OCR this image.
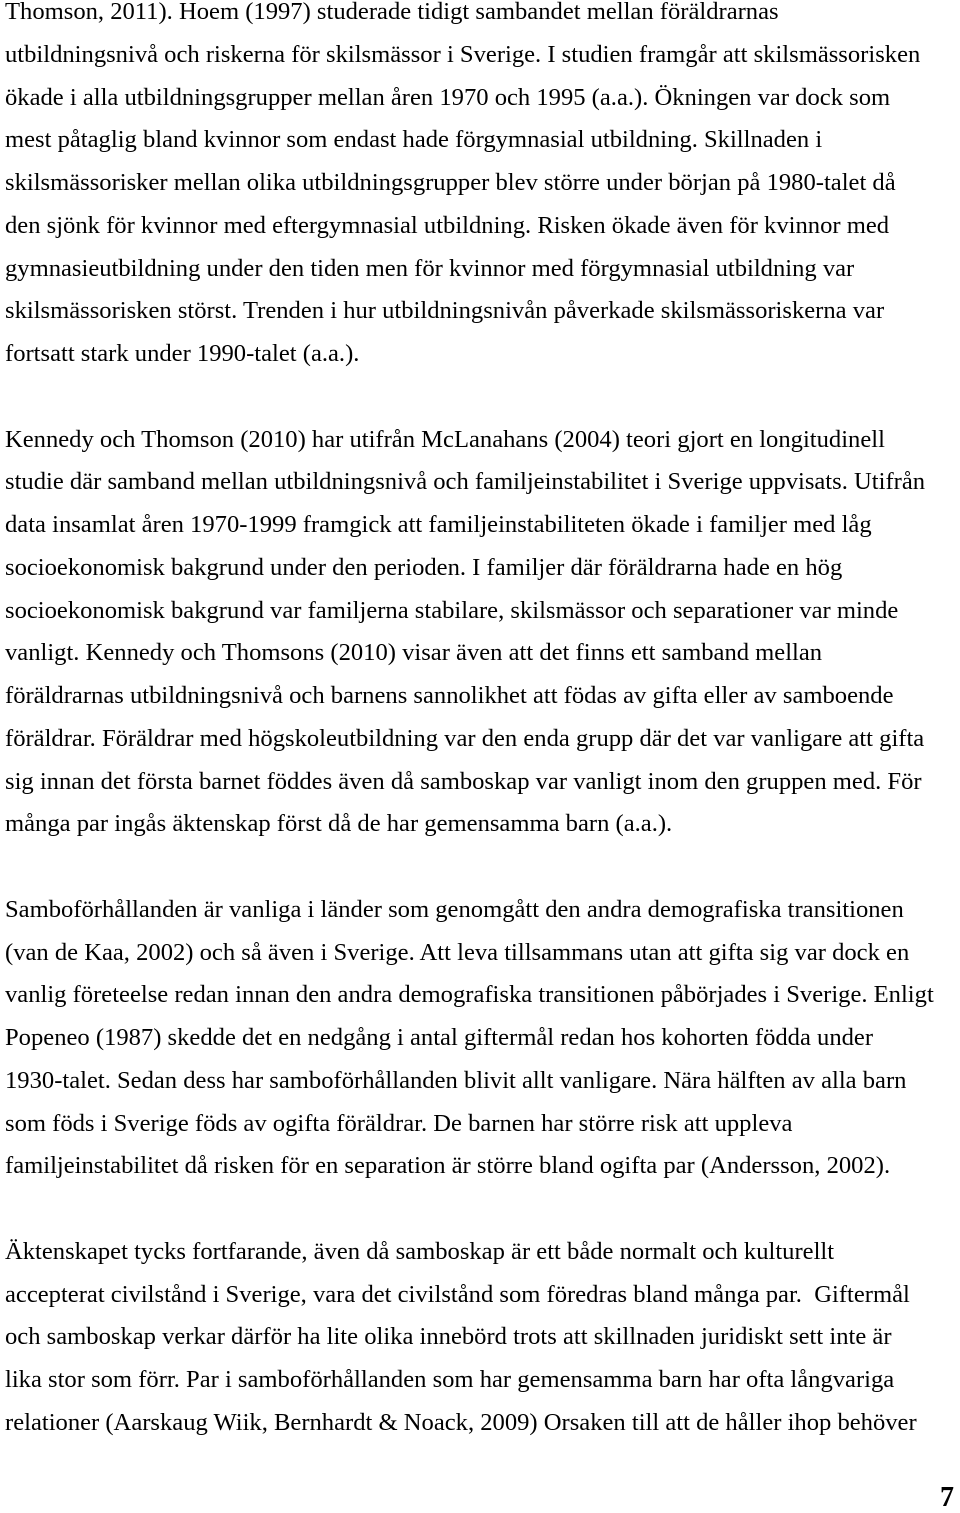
Thomson, 2011). Hoem (1997) studerade tidigt sambandet mellan föräldrarnas
utbildningsnivå och riskerna för skilsmässor i Sverige. I studien framgår att skilsmässorisken
ökade i alla utbildningsgrupper mellan åren 1970 och 1995 (a.a.). Ökningen var dock som
mest påtaglig bland kvinnor som endast hade förgymnasial utbildning. Skillnaden i
skilsmässorisker mellan olika utbildningsgrupper blev större under början på 1980-talet då
den sjönk för kvinnor med eftergymnasial utbildning. Risken ökade även för kvinnor med
gymnasieutbildning under den tiden men för kvinnor med förgymnasial utbildning var
skilsmässorisken störst. Trenden i hur utbildningsnivån påverkade skilsmässoriskerna var
fortsatt stark under 1990-talet (a.a.).
Kennedy och Thomson (2010) har utifrån McLanahans (2004) teori gjort en longitudinell
studie där samband mellan utbildningsnivå och familjeinstabilitet i Sverige uppvisats. Utifrån
data insamlat åren 1970-1999 framgick att familjeinstabiliteten ökade i familjer med låg
socioekonomisk bakgrund under den perioden. I familjer där föräldrarna hade en hög
socioekonomisk bakgrund var familjerna stabilare, skilsmässor och separationer var minde
vanligt. Kennedy och Thomsons (2010) visar även att det finns ett samband mellan
föräldrarnas utbildningsnivå och barnens sannolikhet att födas av gifta eller av samboende
föräldrar. Föräldrar med högskoleutbildning var den enda grupp där det var vanligare att gifta
sig innan det första barnet föddes även då samboskap var vanligt inom den gruppen med. För
många par ingås äktenskap först då de har gemensamma barn (a.a.).
Samboförhållanden är vanliga i länder som genomgått den andra demografiska transitionen
(van de Kaa, 2002) och så även i Sverige. Att leva tillsammans utan att gifta sig var dock en
vanlig företeelse redan innan den andra demografiska transitionen påbörjades i Sverige. Enligt
Popeneo (1987) skedde det en nedgång i antal giftermål redan hos kohorten födda under
1930-talet. Sedan dess har samboförhållanden blivit allt vanligare. Nära hälften av alla barn
som föds i Sverige föds av ogifta föräldrar. De barnen har större risk att uppleva
familjeinstabilitet då risken för en separation är större bland ogifta par (Andersson, 2002).
Äktenskapet tycks fortfarande, även då samboskap är ett både normalt och kulturellt
accepterat civilstånd i Sverige, vara det civilstånd som föredras bland många par.  Giftermål
och samboskap verkar därför ha lite olika innebörd trots att skillnaden juridiskt sett inte är
lika stor som förr. Par i samboförhållanden som har gemensamma barn har ofta långvariga
relationer (Aarskaug Wiik, Bernhardt & Noack, 2009) Orsaken till att de håller ihop behöver
7
